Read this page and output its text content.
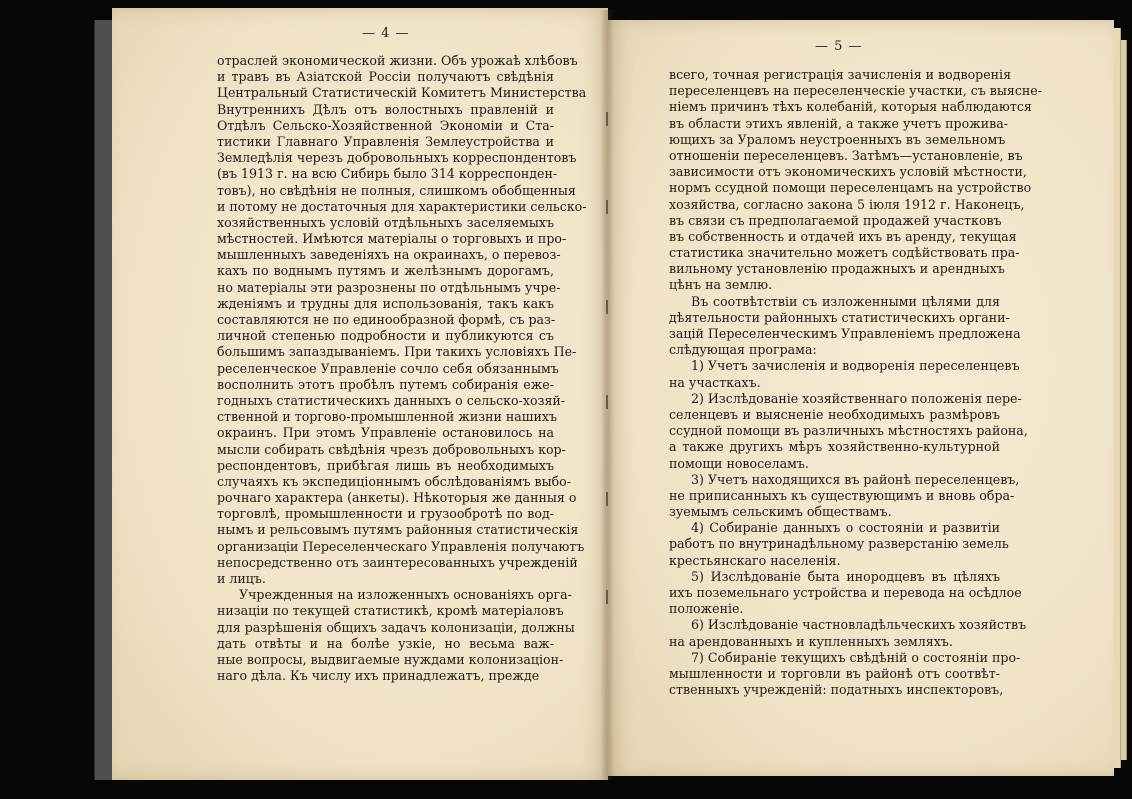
— 4 —

— 5 —

отраслей экономической жизни. Объ урожаѣ хлѣбовъ
и травъ въ Азіатской Россіи получаютъ свѣдѣнія
Центральный Статистическій Комитетъ Министерства
Внутреннихъ Дѣлъ отъ волостныхъ правленій и
Отдѣлъ Сельско-Хозяйственной Экономіи и Ста-
тистики Главнаго Управленія Землеустройства и
Земледѣлія черезъ добровольныхъ корреспондентовъ
(въ 1913 г. на всю Сибирь было 314 корреспонден-
товъ), но свѣдѣнія не полныя, слишкомъ обобщенныя
и потому не достаточныя для характеристики сельско-
хозяйственныхъ условій отдѣльныхъ заселяемыхъ
мѣстностей. Имѣются матеріалы о торговыхъ и про-
мышленныхъ заведеніяхъ на окраинахъ, о перевоз-
кахъ по воднымъ путямъ и желѣзнымъ дорогамъ,
но матеріалы эти разрознены по отдѣльнымъ учре-
жденіямъ и трудны для использованія, такъ какъ
составляются не по единообразной формѣ, съ раз-
личной степенью подробности и публикуются съ
большимъ запаздываніемъ. При такихъ условіяхъ Пе-
реселенческое Управленіе сочло себя обязаннымъ
восполнить этотъ пробѣлъ путемъ собиранія еже-
годныхъ статистическихъ данныхъ о сельско-хозяй-
ственной и торгово-промышленной жизни нашихъ
окраинъ. При этомъ Управленіе остановилось на
мысли собирать свѣдѣнія чрезъ добровольныхъ кор-
респондентовъ, прибѣгая лишь въ необходимыхъ
случаяхъ къ экспедиціоннымъ обслѣдованіямъ выбо-
рочнаго характера (анкеты). Нѣкоторыя же данныя о
торговлѣ, промышленности и грузообротѣ по вод-
нымъ и рельсовымъ путямъ районныя статистическія
организаціи Переселенческаго Управленія получаютъ
непосредственно отъ заинтересованныхъ учрежденій
и лицъ.
Учрежденныя на изложенныхъ основаніяхъ орга-
низаціи по текущей статистикѣ, кромѣ матеріаловъ
для разрѣшенія общихъ задачъ колонизаціи, должны
дать отвѣты и на болѣе узкіе, но весьма важ-
ные вопросы, выдвигаемые нуждами колонизаціон-
наго дѣла. Къ числу ихъ принадлежатъ, прежде
всего, точная регистрація зачисленія и водворенія
переселенцевъ на переселенческіе участки, съ выясне-
ніемъ причинъ тѣхъ колебаній, которыя наблюдаются
въ области этихъ явленій, а также учетъ прожива-
ющихъ за Ураломъ неустроенныхъ въ земельномъ
отношеніи переселенцевъ. Затѣмъ—установленіе, въ
зависимости отъ экономическихъ условій мѣстности,
нормъ ссудной помощи переселенцамъ на устройство
хозяйства, согласно закона 5 іюля 1912 г. Наконецъ,
въ связи съ предполагаемой продажей участковъ
въ собственность и отдачей ихъ въ аренду, текущая
статистика значительно можетъ содѣйствовать пра-
вильному установленію продажныхъ и арендныхъ
цѣнъ на землю.
Въ соотвѣтствіи съ изложенными цѣлями для
дѣятельности районныхъ статистическихъ органи-
зацій Переселенческимъ Управленіемъ предложена
слѣдующая програма:
1) Учетъ зачисленія и водворенія переселенцевъ
на участкахъ.
2) Изслѣдованіе хозяйственнаго положенія пере-
селенцевъ и выясненіе необходимыхъ размѣровъ
ссудной помощи въ различныхъ мѣстностяхъ района,
а также другихъ мѣръ хозяйственно-культурной
помощи новоселамъ.
3) Учетъ находящихся въ районѣ переселенцевъ,
не приписанныхъ къ существующимъ и вновь обра-
зуемымъ сельскимъ обществамъ.
4) Собираніе данныхъ о состояніи и развитіи
работъ по внутринадѣльному разверстанію земель
крестьянскаго населенія.
5) Изслѣдованіе быта инородцевъ въ цѣляхъ
ихъ поземельнаго устройства и перевода на осѣдлое
положеніе.
6) Изслѣдованіе частновладѣльческихъ хозяйствъ
на арендованныхъ и купленныхъ земляхъ.
7) Собираніе текущихъ свѣдѣній о состояніи про-
мышленности и торговли въ районѣ отъ соотвѣт-
ственныхъ учрежденій: податныхъ инспекторовъ,
